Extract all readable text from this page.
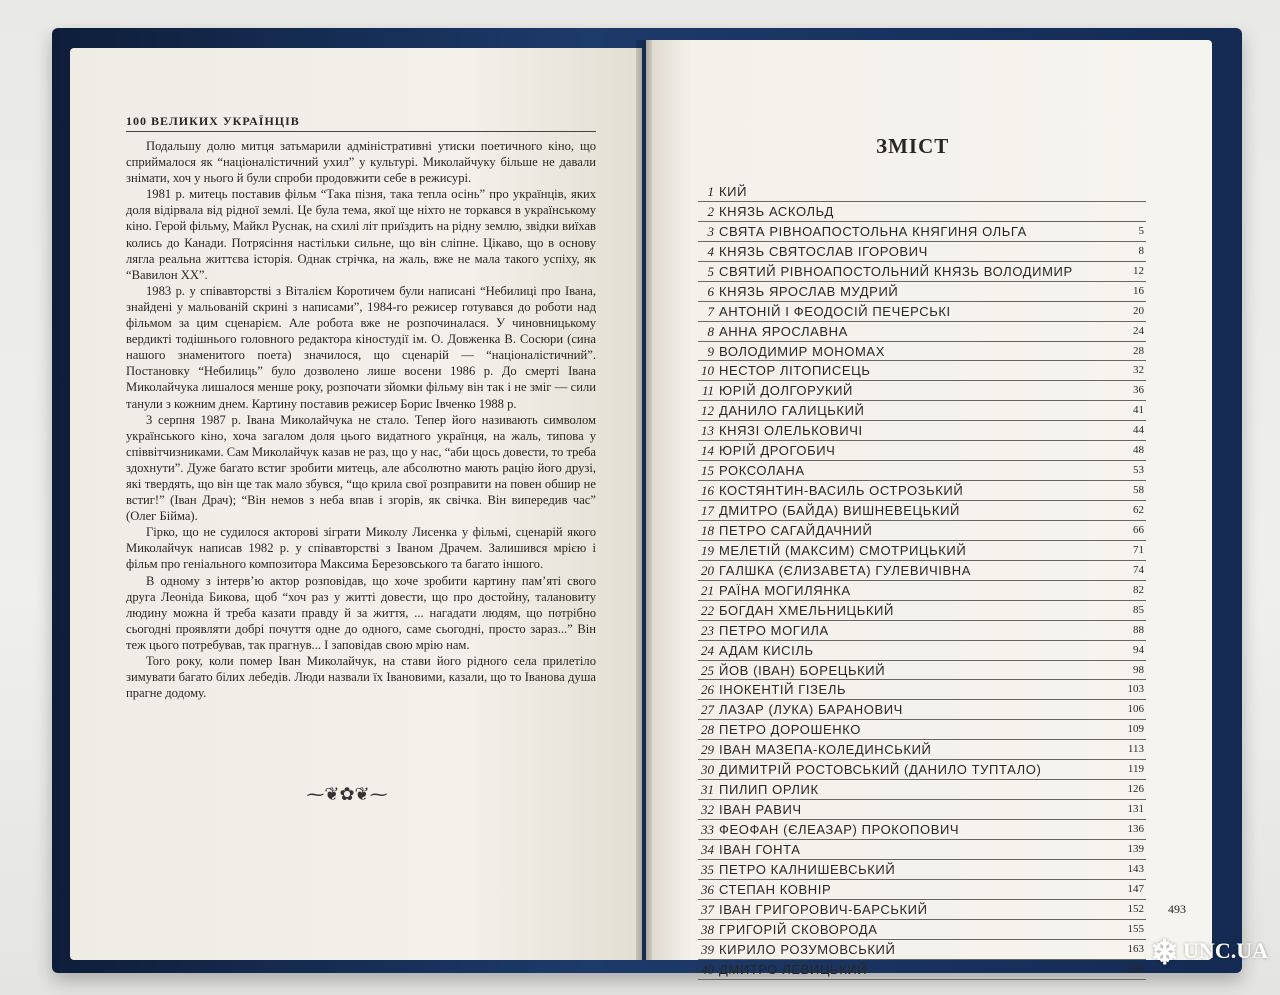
100 ВЕЛИКИХ УКРАЇНЦІВ

Подальшу долю митця затьмарили адміністративні утиски поетичного кіно, що сприймалося як “націоналістичний ухил” у культурі. Миколайчуку більше не давали знімати, хоч у нього й були спроби продовжити себе в режисурі.

1981 р. митець поставив фільм “Така пізня, така тепла осінь” про українців, яких доля відірвала від рідної землі. Це була тема, якої ще ніхто не торкався в українському кіно. Герой фільму, Майкл Руснак, на схилі літ приїздить на рідну землю, звідки виїхав колись до Канади. Потрясіння настільки сильне, що він сліпне. Цікаво, що в основу лягла реальна життєва історія. Однак стрічка, на жаль, вже не мала такого успіху, як “Вавилон ХХ”.

1983 р. у співавторстві з Віталієм Коротичем були написані “Небилиці про Івана, знайдені у мальованій скрині з написами”, 1984-го режисер готувався до роботи над фільмом за цим сценарієм. Але робота вже не розпочиналася. У чиновницькому вердикті тодішнього головного редактора кіностудії ім. О. Довженка В. Сосюри (сина нашого знаменитого поета) значилося, що сценарій — “націоналістичний”. Постановку “Небилиць” було дозволено лише восени 1986 р. До смерті Івана Миколайчука лишалося менше року, розпочати зйомки фільму він так і не зміг — сили танули з кожним днем. Картину поставив режисер Борис Івченко 1988 р.

3 серпня 1987 р. Івана Миколайчука не стало. Тепер його називають символом українського кіно, хоча загалом доля цього видатного українця, на жаль, типова у співвітчизниками. Сам Миколайчук казав не раз, що у нас, “аби щось довести, то треба здохнути”. Дуже багато встиг зробити митець, але абсолютно мають рацію його друзі, які твердять, що він ще так мало збувся, “що крила свої розправити на повен обшир не встиг!” (Іван Драч); “Він немов з неба впав і згорів, як свічка. Він випередив час” (Олег Бійма).

Гірко, що не судилося акторові зіграти Миколу Лисенка у фільмі, сценарій якого Миколайчук написав 1982 р. у співавторстві з Іваном Драчем. Залишився мрією і фільм про геніального композитора Максима Березовського та багато іншого.

В одному з інтерв’ю актор розповідав, що хоче зробити картину пам’яті свого друга Леоніда Бикова, щоб “хоч раз у житті довести, що про достойну, талановиту людину можна й треба казати правду й за життя, ... нагадати людям, що потрібно сьогодні проявляти добрі почуття одне до одного, саме сьогодні, просто зараз...” Він теж цього потребував, так прагнув... І заповідав свою мрію нам.

Того року, коли помер Іван Миколайчук, на стави його рідного села прилетіло зимувати багато білих лебедів. Люди назвали їх Івановими, казали, що то Іванова душа прагне додому.

⁓❦✿❦⁓
ЗМІСТ
1 КИЙ
2 КНЯЗЬ АСКОЛЬД
3 СВЯТА РІВНОАПОСТОЛЬНА КНЯГИНЯ ОЛЬГА	5
4 КНЯЗЬ СВЯТОСЛАВ ІГОРОВИЧ	8
5 СВЯТИЙ РІВНОАПОСТОЛЬНИЙ КНЯЗЬ ВОЛОДИМИР	12
6 КНЯЗЬ ЯРОСЛАВ МУДРИЙ	16
7 АНТОНІЙ І ФЕОДОСІЙ ПЕЧЕРСЬКІ	20
8 АННА ЯРОСЛАВНА	24
9 ВОЛОДИМИР МОНОМАХ	28
10 НЕСТОР ЛІТОПИСЕЦЬ	32
11 ЮРІЙ ДОЛГОРУКИЙ	36
12 ДАНИЛО ГАЛИЦЬКИЙ	41
13 КНЯЗІ ОЛЕЛЬКОВИЧІ	44
14 ЮРІЙ ДРОГОБИЧ	48
15 РОКСОЛАНА	53
16 КОСТЯНТИН-ВАСИЛЬ ОСТРОЗЬКИЙ	58
17 ДМИТРО (БАЙДА) ВИШНЕВЕЦЬКИЙ	62
18 ПЕТРО САГАЙДАЧНИЙ	66
19 МЕЛЕТІЙ (МАКСИМ) СМОТРИЦЬКИЙ	71
20 ГАЛШКА (ЄЛИЗАВЕТА) ГУЛЕВИЧІВНА	74
21 РАЇНА МОГИЛЯНКА	82
22 БОГДАН ХМЕЛЬНИЦЬКИЙ	85
23 ПЕТРО МОГИЛА	88
24 АДАМ КИСІЛЬ	94
25 ЙОВ (ІВАН) БОРЕЦЬКИЙ	98
26 ІНОКЕНТІЙ ГІЗЕЛЬ	103
27 ЛАЗАР (ЛУКА) БАРАНОВИЧ	106
28 ПЕТРО ДОРОШЕНКО	109
29 ІВАН МАЗЕПА-КОЛЕДИНСЬКИЙ	113
30 ДИМИТРІЙ РОСТОВСЬКИЙ (ДАНИЛО ТУПТАЛО)	119
31 ПИЛИП ОРЛИК	126
32 ІВАН РАВИЧ	131
33 ФЕОФАН (ЄЛЕАЗАР) ПРОКОПОВИЧ	136
34 ІВАН ГОНТА	139
35 ПЕТРО КАЛНИШЕВСЬКИЙ	143
36 СТЕПАН КОВНІР	147
37 ІВАН ГРИГОРОВИЧ-БАРСЬКИЙ	152
38 ГРИГОРІЙ СКОВОРОДА	155
39 КИРИЛО РОЗУМОВСЬКИЙ	163
40 ДМИТРО ЛЕВИЦЬКИЙ	169
493
❄ UNC.UA
